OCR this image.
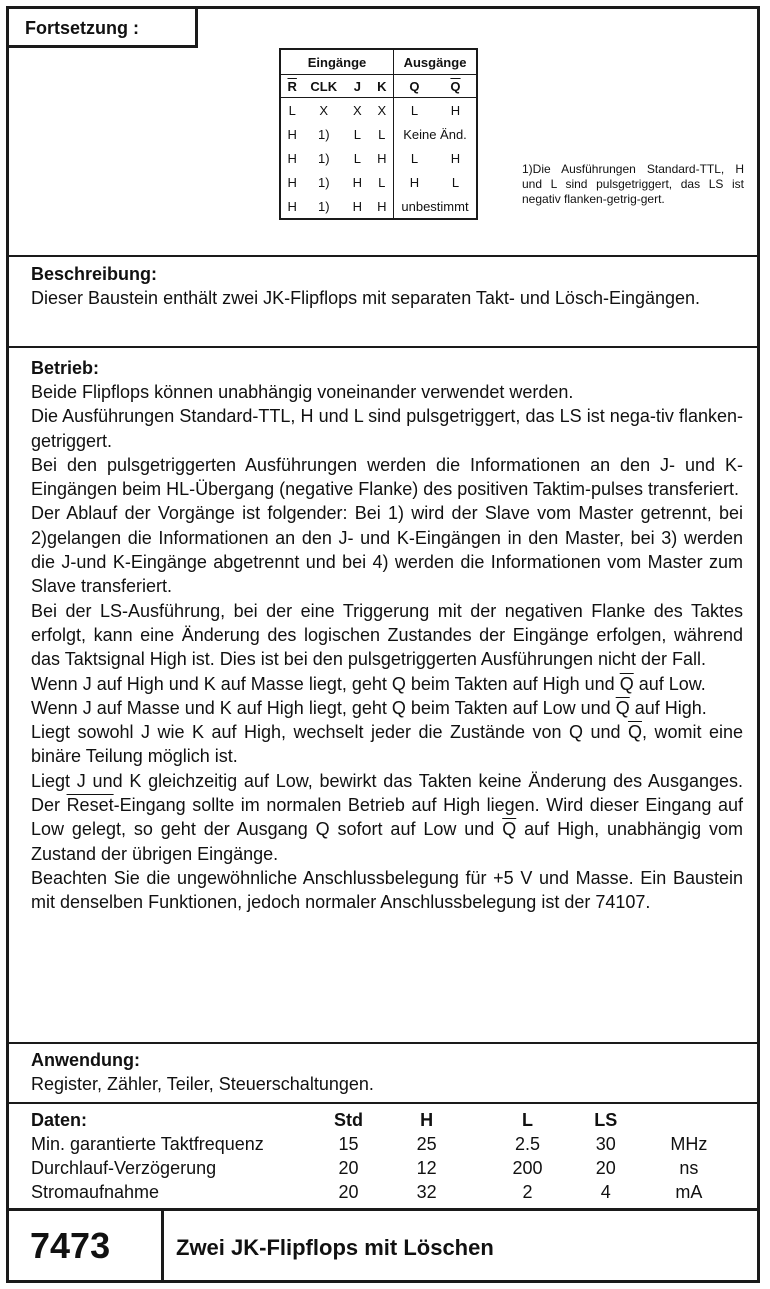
Fortsetzung :
Eingänge				Ausgänge	
$\overline{R}$	CLK	J	K	Q	$\overline{Q}$
L	X	X	X	L	H
H	1)	L	L	Keine Änd.	
H	1)	L	H	L	H
H	1)	H	L	H	L
H	1)	H	H	unbestimmt	
1)Die Ausführungen Standard-TTL, H und L sind pulsgetriggert, das LS ist negativ flanken-getrig-gert.
Beschreibung:
Dieser Baustein enthält zwei JK-Flipflops mit separaten Takt- und Lösch-Eingängen.
Betrieb:

Beide Flipflops können unabhängig voneinander verwendet werden.

Die Ausführungen Standard-TTL, H und L sind pulsgetriggert, das LS ist nega-tiv flanken-getriggert.

Bei den pulsgetriggerten Ausführungen werden die Informationen an den J- und K-Eingängen beim HL-Übergang (negative Flanke) des positiven Taktim-pulses transferiert.

Der Ablauf der Vorgänge ist folgender: Bei 1) wird der Slave vom Master getrennt, bei 2)gelangen die Informationen an den J- und K-Eingängen in den Master, bei 3) werden die J-und K-Eingänge abgetrennt und bei 4) werden die Informationen vom Master zum Slave transferiert.

Bei der LS-Ausführung, bei der eine Triggerung mit der negativen Flanke des Taktes erfolgt, kann eine Änderung des logischen Zustandes der Eingänge erfolgen, während das Taktsignal High ist. Dies ist bei den pulsgetriggerten Ausführungen nicht der Fall.

Wenn J auf High und K auf Masse liegt, geht Q beim Takten auf High und $\overline{Q}$ auf Low.

Wenn J auf Masse und K auf High liegt, geht Q beim Takten auf Low und $\overline{Q}$ auf High.

Liegt sowohl J wie K auf High, wechselt jeder die Zustände von Q und $\overline{Q}$, womit eine binäre Teilung möglich ist.

Liegt J und K gleichzeitig auf Low, bewirkt das Takten keine Änderung des Ausganges. Der Reset-Eingang sollte im normalen Betrieb auf High liegen. Wird dieser Eingang auf Low gelegt, so geht der Ausgang Q sofort auf Low und $\overline{Q}$ auf High, unabhängig vom Zustand der übrigen Eingänge.

Beachten Sie die ungewöhnliche Anschlussbelegung für +5 V und Masse. Ein Baustein mit denselben Funktionen, jedoch normaler Anschlussbelegung ist der 74107.

Anwendung:
Register, Zähler, Teiler, Steuerschaltungen.
Daten:	Std	H	L	LS	
Min. garantierte Taktfrequenz	15	25	2.5	30	MHz
Durchlauf-Verzögerung	20	12	200	20	ns
Stromaufnahme	20	32	2	4	mA
7473	Zwei JK-Flipflops mit Löschen
